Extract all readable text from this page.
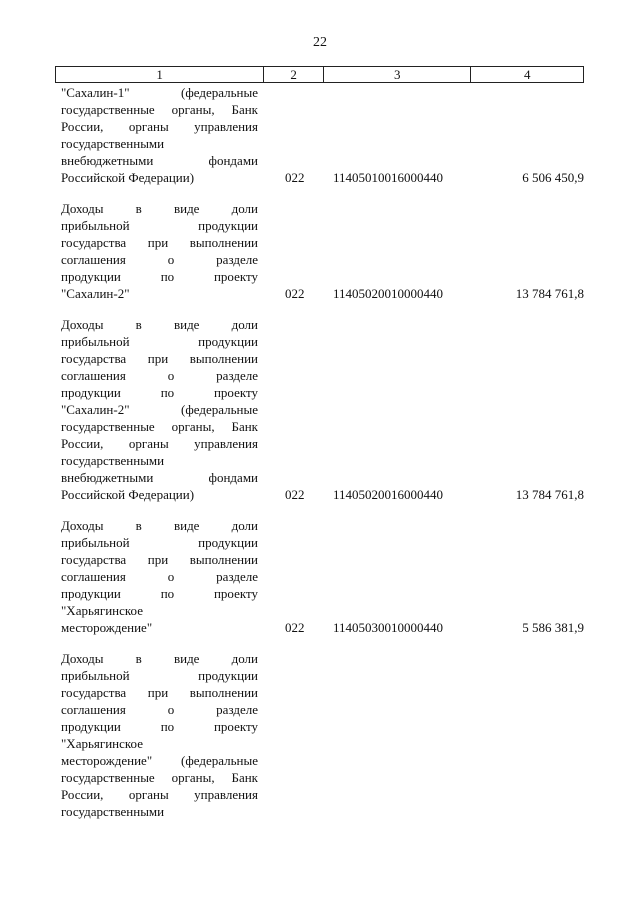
22
1	2	3	4
"Сахалин-1" (федеральные
государственные органы, Банк
России, органы управления
государственными
внебюджетными фондами
Российской Федерации)	022	11405010016000440	6 506 450,9
Доходы в виде доли
прибыльной продукции
государства при выполнении
соглашения о разделе
продукции по проекту
"Сахалин-2"	022	11405020010000440	13 784 761,8
Доходы в виде доли
прибыльной продукции
государства при выполнении
соглашения о разделе
продукции по проекту
"Сахалин-2" (федеральные
государственные органы, Банк
России, органы управления
государственными
внебюджетными фондами
Российской Федерации)	022	11405020016000440	13 784 761,8
Доходы в виде доли
прибыльной продукции
государства при выполнении
соглашения о разделе
продукции по проекту
"Харьягинское
месторождение"	022	11405030010000440	5 586 381,9
Доходы в виде доли
прибыльной продукции
государства при выполнении
соглашения о разделе
продукции по проекту
"Харьягинское
месторождение" (федеральные
государственные органы, Банк
России, органы управления
государственными
